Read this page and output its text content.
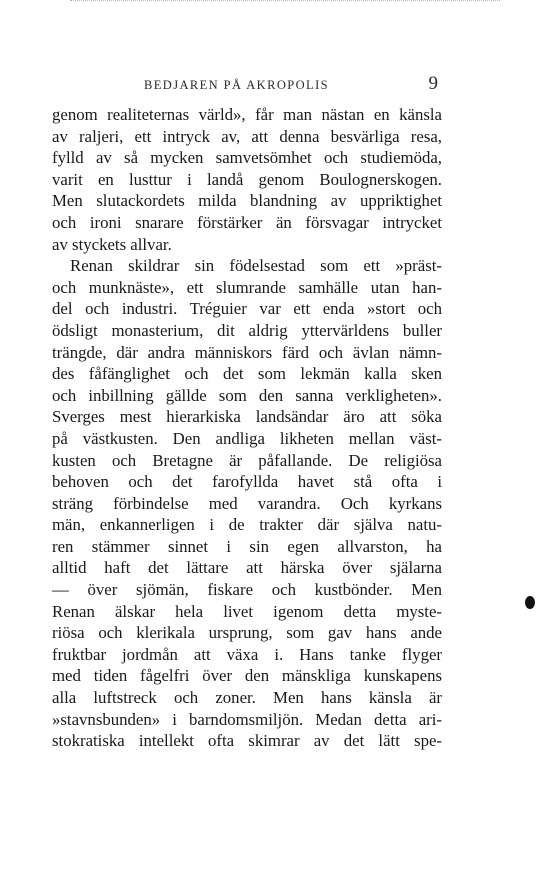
BEDJAREN PÅ AKROPOLIS	9
genom realiteternas värld», får man nästan en känsla
av raljeri, ett intryck av, att denna besvärliga resa,
fylld av så mycken samvetsömhet och studiemöda,
varit en lusttur i landå genom Boulognerskogen.
Men slutackordets milda blandning av uppriktighet
och ironi snarare förstärker än försvagar intrycket
av styckets allvar.
Renan skildrar sin födelsestad som ett »präst-
och munknäste», ett slumrande samhälle utan han-
del och industri. Tréguier var ett enda »stort och
ödsligt monasterium, dit aldrig yttervärldens buller
trängde, där andra människors färd och ävlan nämn-
des fåfänglighet och det som lekmän kalla sken
och inbillning gällde som den sanna verkligheten».
Sverges mest hierarkiska landsändar äro att söka
på västkusten. Den andliga likheten mellan väst-
kusten och Bretagne är påfallande. De religiösa
behoven och det farofyllda havet stå ofta i
sträng förbindelse med varandra. Och kyrkans
män, enkannerligen i de trakter där själva natu-
ren stämmer sinnet i sin egen allvarston, ha
alltid haft det lättare att härska över själarna
— över sjömän, fiskare och kustbönder. Men
Renan älskar hela livet igenom detta myste-
riösa och klerikala ursprung, som gav hans ande
fruktbar jordmån att växa i. Hans tanke flyger
med tiden fågelfri över den mänskliga kunskapens
alla luftstreck och zoner. Men hans känsla är
»stavnsbunden» i barndomsmiljön. Medan detta ari-
stokratiska intellekt ofta skimrar av det lätt spe-
